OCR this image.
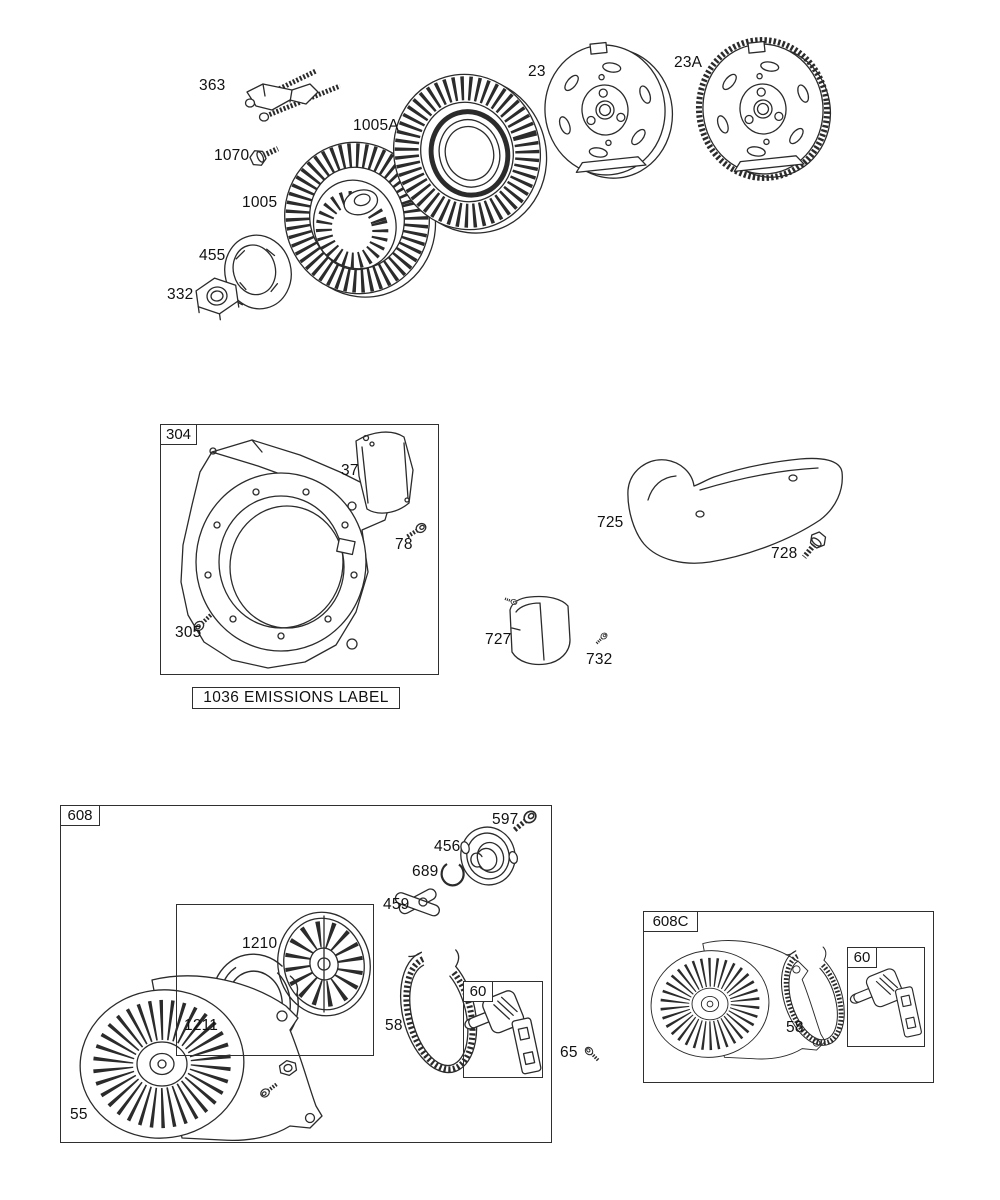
304
1036 EMISSIONS LABEL
608
60
608C
60
363
1070
1005
1005A
455
332
23
23A
37
78
305
725
728
727
732
597
456
689
459
1210
1211
55
58
65
58
